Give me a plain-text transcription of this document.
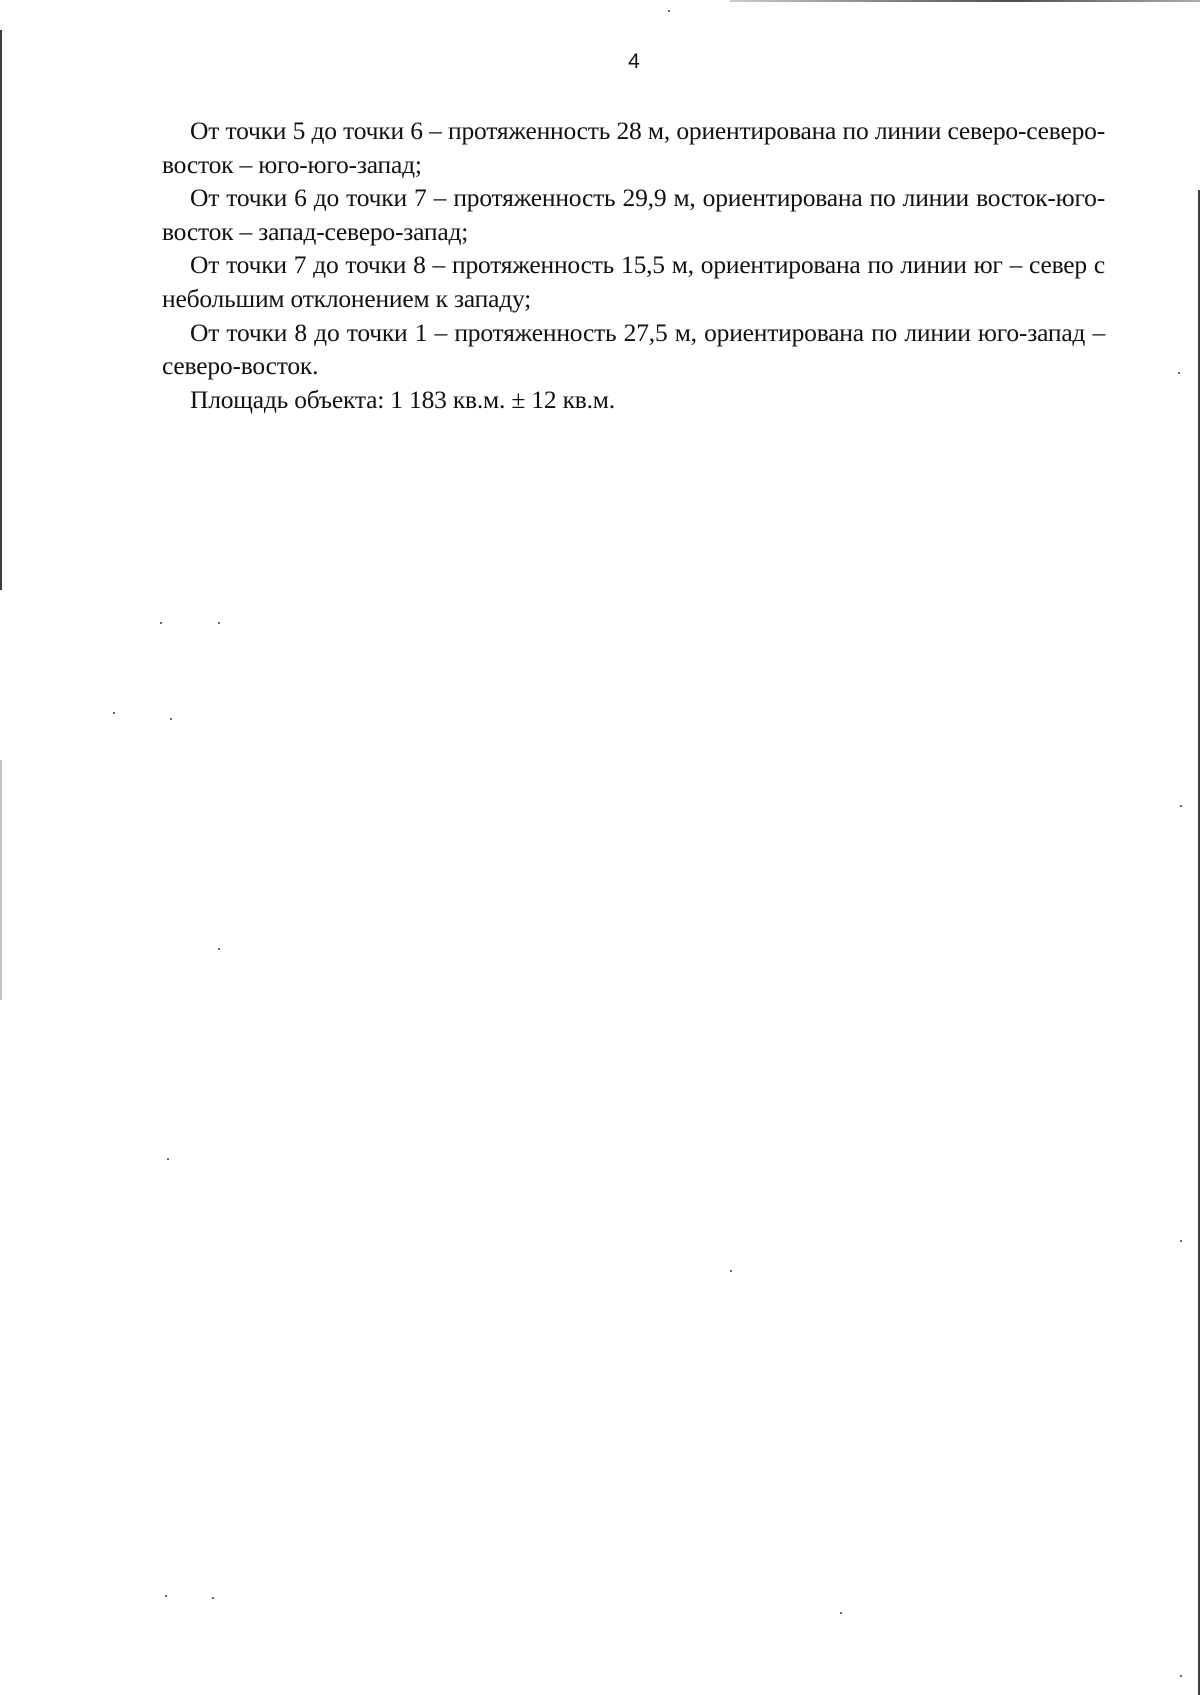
4

От точки 5 до точки 6 – протяженность 28 м, ориентирована по линии северо-северо-восток – юго-юго-запад;

От точки 6 до точки 7 – протяженность 29,9 м, ориентирована по линии восток-юго-восток – запад-северо-запад;

От точки 7 до точки 8 – протяженность 15,5 м, ориентирована по линии юг – север с небольшим отклонением к западу;

От точки 8 до точки 1 – протяженность 27,5 м, ориентирована по линии юго-запад – северо-восток.

Площадь объекта: 1 183 кв.м. ± 12 кв.м.
